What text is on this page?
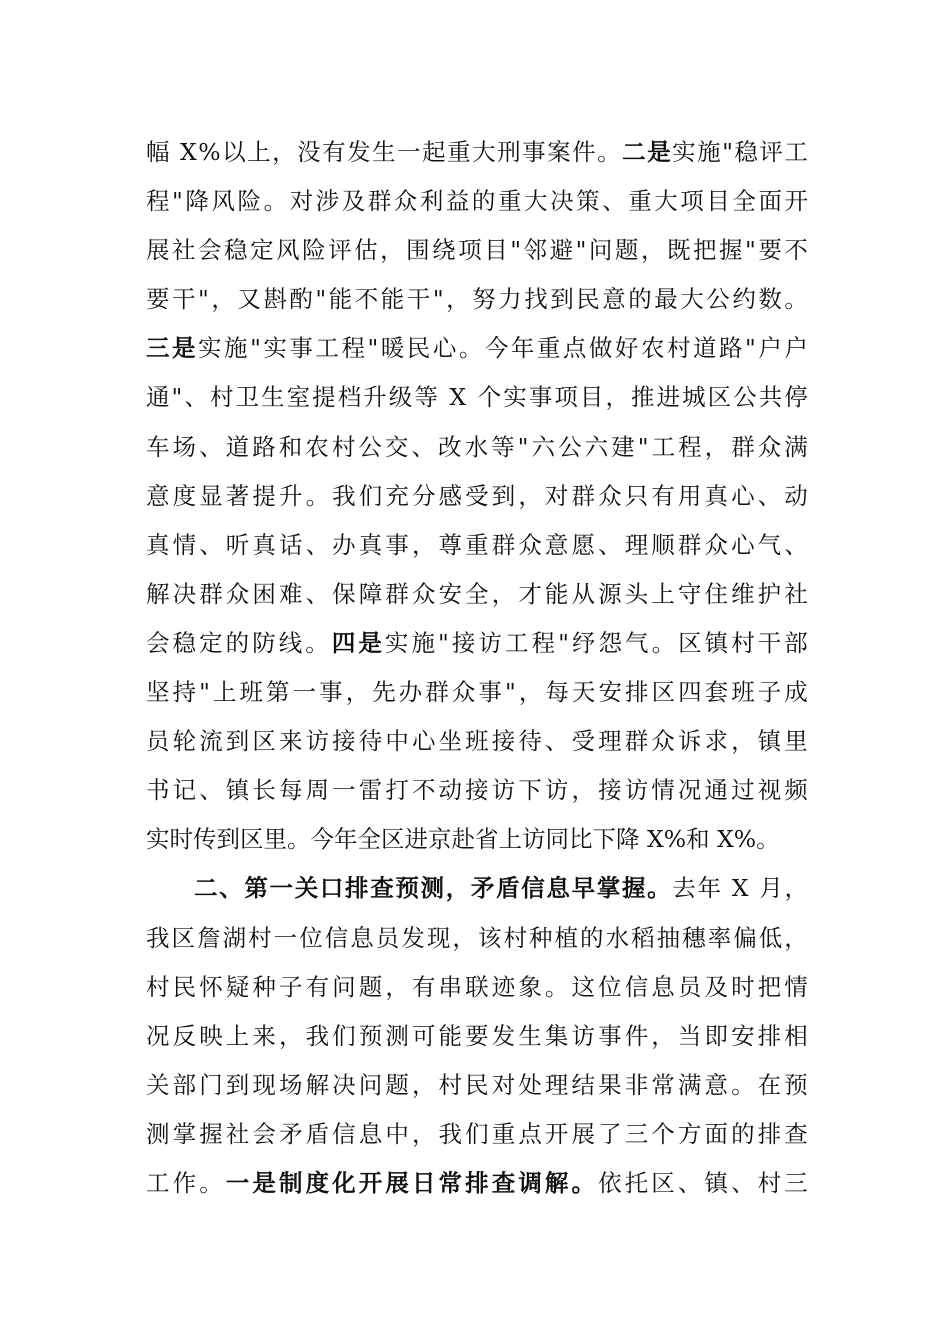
幅
X % 以 上 ， 没 有 发 生 一 起 重 大 刑 事 案 件 。 二 是 实 施 " 稳 评 工
程 " 降 风 险 。 对 涉 及 群 众 利 益 的 重 大 决 策 、 重 大 项 目 全 面 开
展 社 会 稳 定 风 险 评 估 ， 围 绕 项 目 " 邻 避 " 问 题 ， 既 把 握 " 要 不
要 干 " ， 又 斟 酌 " 能 不 能 干 " ， 努 力 找 到 民 意 的 最 大 公 约 数 。
三 是 实 施 " 实 事 工 程 " 暖 民 心 。 今 年 重 点 做 好 农 村 道 路 " 户 户
通 " 、 村 卫 生 室 提 档 升 级 等
X
个 实 事 项 目 ， 推 进 城 区 公 共 停
车 场 、 道 路 和 农 村 公 交 、 改 水 等 " 六 公 六 建 " 工 程 ， 群 众 满
意 度 显 著 提 升 。 我 们 充 分 感 受 到 ， 对 群 众 只 有 用 真 心 、 动
真 情 、 听 真 话 、 办 真 事 ， 尊 重 群 众 意 愿 、 理 顺 群 众 心 气 、
解 决 群 众 困 难 、 保 障 群 众 安 全 ， 才 能 从 源 头 上 守 住 维 护 社
会 稳 定 的 防 线 。 四 是 实 施 " 接 访 工 程 " 纾 怨 气 。 区 镇 村 干 部
坚 持 " 上 班 第 一 事 ， 先 办 群 众 事 " ， 每 天 安 排 区 四 套 班 子 成
员 轮 流 到 区 来 访 接 待 中 心 坐 班 接 待 、 受 理 群 众 诉 求 ， 镇 里
书 记 、 镇 长 每 周 一 雷 打 不 动 接 访 下 访 ， 接 访 情 况 通 过 视 频
实 时 传 到 区 里 。 今 年 全 区 进 京 赴 省 上 访 同 比 下 降
X % 和
X % 。
二 、 第 一 关 口 排 查 预 测 ， 矛 盾 信 息 早 掌 握 。 去 年
X
月 ，
我 区 詹 湖 村 一 位 信 息 员 发 现 ， 该 村 种 植 的 水 稻 抽 穗 率 偏 低 ，
村 民 怀 疑 种 子 有 问 题 ， 有 串 联 迹 象 。 这 位 信 息 员 及 时 把 情
况 反 映 上 来 ， 我 们 预 测 可 能 要 发 生 集 访 事 件 ， 当 即 安 排 相
关 部 门 到 现 场 解 决 问 题 ， 村 民 对 处 理 结 果 非 常 满 意 。 在 预
测 掌 握 社 会 矛 盾 信 息 中 ， 我 们 重 点 开 展 了 三 个 方 面 的 排 查
工 作 。 一 是 制 度 化 开 展 日 常 排 查 调 解 。 依 托 区 、 镇 、 村 三
